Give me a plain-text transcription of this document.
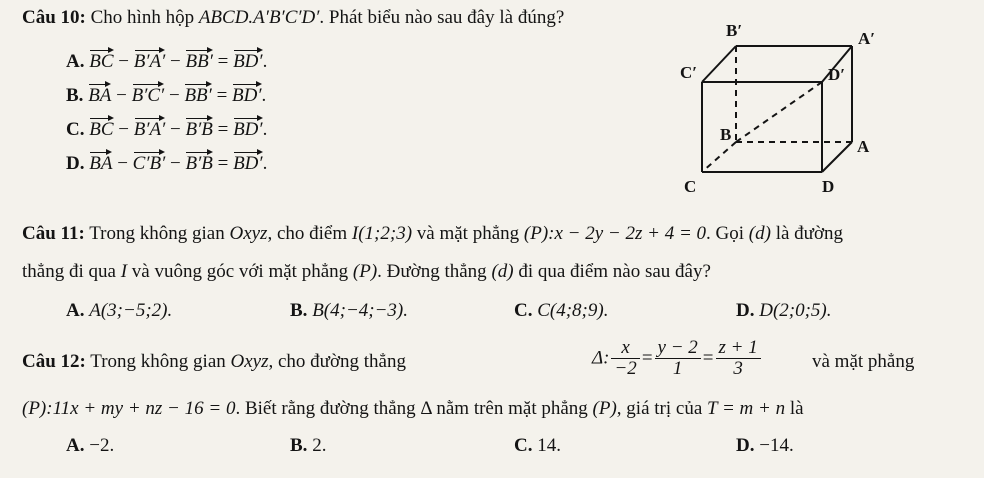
Câu 10: Cho hình hộp ABCD.A′B′C′D′. Phát biểu nào sau đây là đúng?
A. BC − B′A′ − BB′ = BD′.
B. BA − B′C′ − BB′ = BD′.
C. BC − B′A′ − B′B = BD′.
D. BA − C′B′ − B′B = BD′.
B′	A′
C′	D′
B
A
C	D
Câu 11: Trong không gian Oxyz, cho điểm I(1;2;3) và mặt phẳng (P):x − 2y − 2z + 4 = 0. Gọi (d) là đường
thẳng đi qua I và vuông góc với mặt phẳng (P). Đường thẳng (d) đi qua điểm nào sau đây?
A. A(3;−5;2).	B. B(4;−4;−3).	C. C(4;8;9).	D. D(2;0;5).
Câu 12: Trong không gian Oxyz, cho đường thẳng	Δ: $\frac{x}{-2} = \frac{y - 2}{1} = \frac{z + 1}{3}$	và mặt phẳng
(P):11x + my + nz − 16 = 0. Biết rằng đường thẳng Δ nằm trên mặt phẳng (P), giá trị của T = m + n là
A. −2.	B. 2.	C. 14.	D. −14.
